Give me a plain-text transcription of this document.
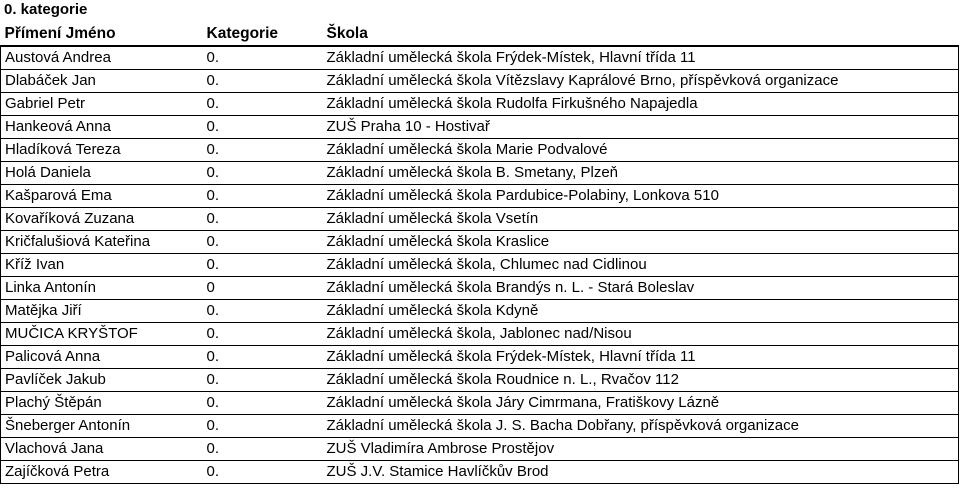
0. kategorie
Přímení Jméno	Kategorie	Škola
Austová Andrea	0.	Základní umělecká škola Frýdek-Místek, Hlavní třída 11
Dlabáček Jan	0.	Základní umělecká škola Vítězslavy Kaprálové Brno, příspěvková organizace
Gabriel Petr	0.	Základní umělecká škola Rudolfa Firkušného Napajedla
Hankeová Anna	0.	ZUŠ Praha 10 - Hostivař
Hladíková Tereza	0.	Základní umělecká škola Marie Podvalové
Holá Daniela	0.	Základní umělecká škola B. Smetany, Plzeň
Kašparová Ema	0.	Základní umělecká škola Pardubice-Polabiny, Lonkova 510
Kovaříková Zuzana	0.	Základní umělecká škola Vsetín
Kričfalušiová Kateřina	0.	Základní umělecká škola Kraslice
Kříž Ivan	0.	Základní umělecká škola, Chlumec nad Cidlinou
Linka Antonín	0	Základní umělecká škola Brandýs n. L. - Stará Boleslav
Matějka Jiří	0.	Základní umělecká škola Kdyně
MUČICA KRYŠTOF	0.	Základní umělecká škola, Jablonec nad/Nisou
Palicová Anna	0.	Základní umělecká škola Frýdek-Místek, Hlavní třída 11
Pavlíček Jakub	0.	Základní umělecká škola Roudnice n. L., Rvačov 112
Plachý Štěpán	0.	Základní umělecká škola Járy Cimrmana, Fratiškovy Lázně
Šneberger Antonín	0.	Základní umělecká škola J. S. Bacha Dobřany, příspěvková organizace
Vlachová Jana	0.	ZUŠ Vladimíra Ambrose Prostějov
Zajíčková Petra	0.	ZUŠ J.V. Stamice Havlíčkův Brod
